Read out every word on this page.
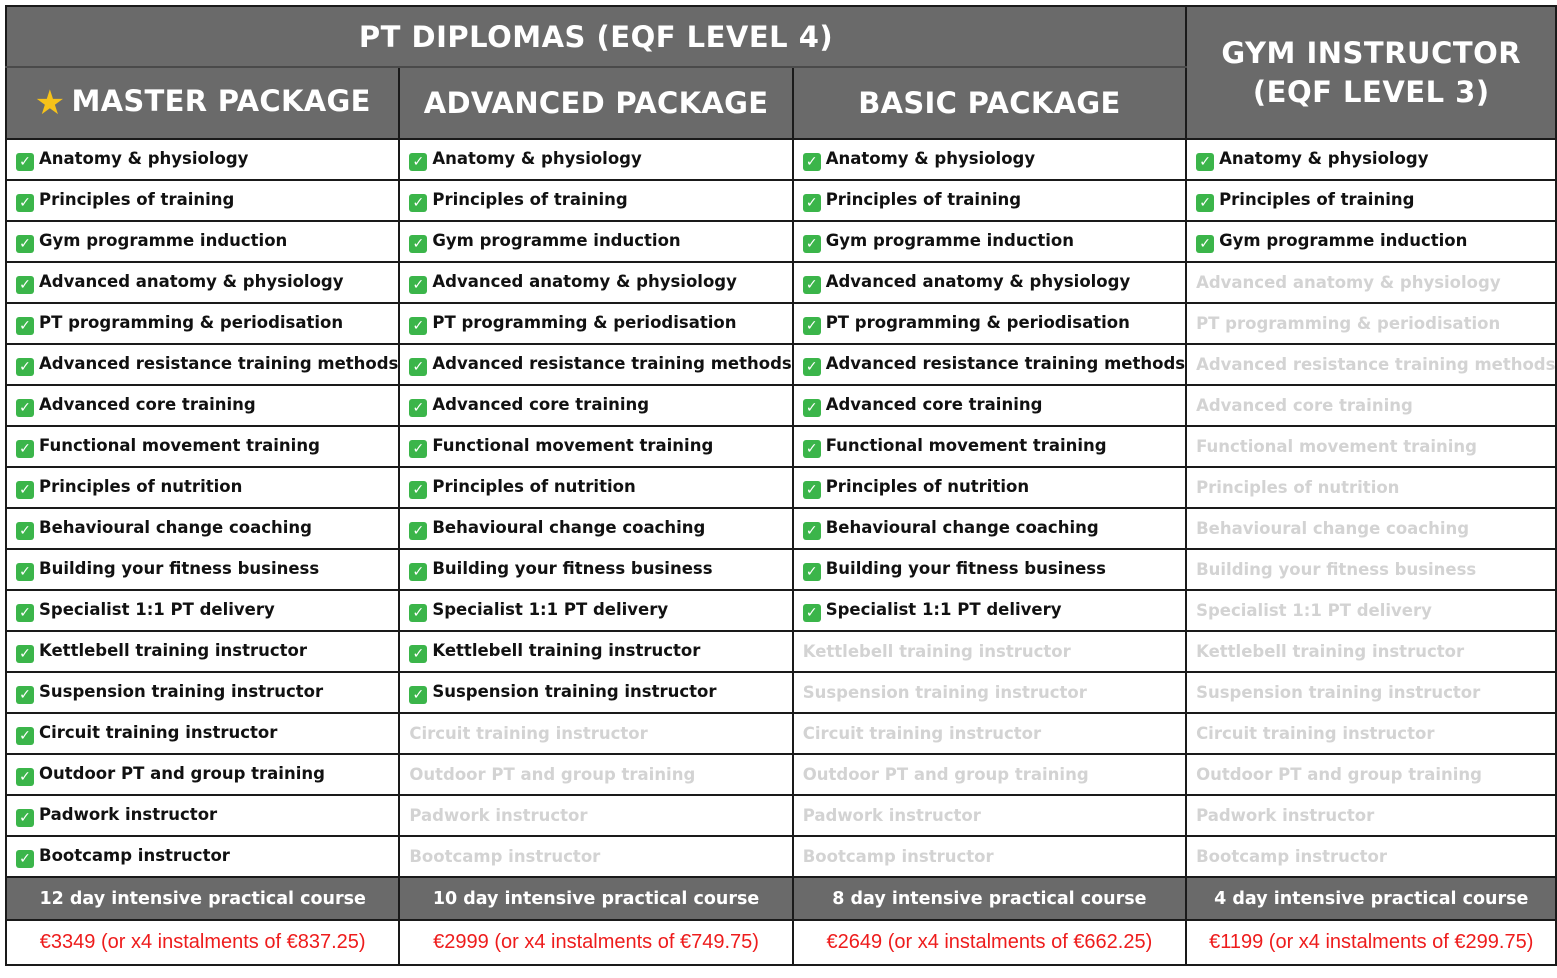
PT DIPLOMAS (EQF LEVEL 4)			GYM INSTRUCTOR
(EQF LEVEL 3)

★ MASTER PACKAGE	ADVANCED PACKAGE	BASIC PACKAGE	
✓ Anatomy & physiology	✓ Anatomy & physiology	✓ Anatomy & physiology	✓ Anatomy & physiology
✓ Principles of training	✓ Principles of training	✓ Principles of training	✓ Principles of training
✓ Gym programme induction	✓ Gym programme induction	✓ Gym programme induction	✓ Gym programme induction
✓ Advanced anatomy & physiology	✓ Advanced anatomy & physiology	✓ Advanced anatomy & physiology	Advanced anatomy & physiology
✓ PT programming & periodisation	✓ PT programming & periodisation	✓ PT programming & periodisation	PT programming & periodisation
✓ Advanced resistance training methods	✓ Advanced resistance training methods	✓ Advanced resistance training methods	Advanced resistance training methods
✓ Advanced core training	✓ Advanced core training	✓ Advanced core training	Advanced core training
✓ Functional movement training	✓ Functional movement training	✓ Functional movement training	Functional movement training
✓ Principles of nutrition	✓ Principles of nutrition	✓ Principles of nutrition	Principles of nutrition
✓ Behavioural change coaching	✓ Behavioural change coaching	✓ Behavioural change coaching	Behavioural change coaching
✓ Building your fitness business	✓ Building your fitness business	✓ Building your fitness business	Building your fitness business
✓ Specialist 1:1 PT delivery	✓ Specialist 1:1 PT delivery	✓ Specialist 1:1 PT delivery	Specialist 1:1 PT delivery
✓ Kettlebell training instructor	✓ Kettlebell training instructor	Kettlebell training instructor	Kettlebell training instructor
✓ Suspension training instructor	✓ Suspension training instructor	Suspension training instructor	Suspension training instructor
✓ Circuit training instructor	Circuit training instructor	Circuit training instructor	Circuit training instructor
✓ Outdoor PT and group training	Outdoor PT and group training	Outdoor PT and group training	Outdoor PT and group training
✓ Padwork instructor	Padwork instructor	Padwork instructor	Padwork instructor
✓ Bootcamp instructor	Bootcamp instructor	Bootcamp instructor	Bootcamp instructor
12 day intensive practical course	10 day intensive practical course	8 day intensive practical course	4 day intensive practical course
€3349 (or x4 instalments of €837.25)	€2999 (or x4 instalments of €749.75)	€2649 (or x4 instalments of €662.25)	€1199 (or x4 instalments of €299.75)
